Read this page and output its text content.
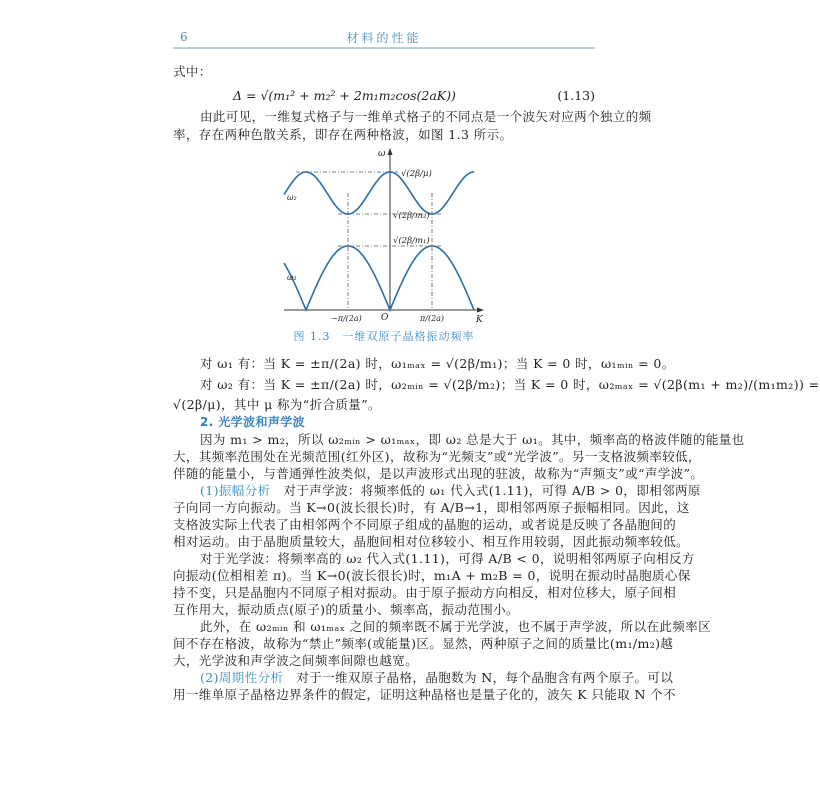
6	材料的性能
式中：
Δ = √(m₁² + m₂² + 2m₁m₂cos(2aK))	(1.13)
由此可见，一维复式格子与一维单式格子的不同点是一个波矢对应两个独立的频
率，存在两种色散关系，即存在两种格波，如图 1.3 所示。
ω
K
O
−π/(2a)	π/(2a)
ω₂
ω₁
√(2β/μ)
√(2β/m₂)
√(2β/m₁)
图 1.3　一维双原子晶格振动频率
对 ω₁ 有：当 K = ±π/(2a) 时，ω₁ₘₐₓ = √(2β/m₁)；当 K = 0 时，ω₁ₘᵢₙ = 0。
对 ω₂ 有：当 K = ±π/(2a) 时，ω₂ₘᵢₙ = √(2β/m₂)；当 K = 0 时，ω₂ₘₐₓ = √(2β(m₁ + m₂)/(m₁m₂)) =
√(2β/μ)，其中 μ 称为“折合质量”。
2. 光学波和声学波
因为 m₁ > m₂，所以 ω₂ₘᵢₙ > ω₁ₘₐₓ，即 ω₂ 总是大于 ω₁。其中，频率高的格波伴随的能量也
大，其频率范围处在光频范围(红外区)，故称为“光频支”或“光学波”。另一支格波频率较低，
伴随的能量小，与普通弹性波类似，是以声波形式出现的驻波，故称为“声频支”或“声学波”。
(1)振幅分析　对于声学波：将频率低的 ω₁ 代入式(1.11)，可得 A/B > 0，即相邻两原
子向同一方向振动。当 K→0(波长很长)时，有 A/B→1，即相邻两原子振幅相同。因此，这
支格波实际上代表了由相邻两个不同原子组成的晶胞的运动，或者说是反映了各晶胞间的
相对运动。由于晶胞质量较大，晶胞间相对位移较小、相互作用较弱，因此振动频率较低。
对于光学波：将频率高的 ω₂ 代入式(1.11)，可得 A/B < 0，说明相邻两原子向相反方
向振动(位相相差 π)。当 K→0(波长很长)时，m₁A + m₂B = 0，说明在振动时晶胞质心保
持不变，只是晶胞内不同原子相对振动。由于原子振动方向相反，相对位移大，原子间相
互作用大，振动质点(原子)的质量小、频率高，振动范围小。
此外，在 ω₂ₘᵢₙ 和 ω₁ₘₐₓ 之间的频率既不属于光学波，也不属于声学波，所以在此频率区
间不存在格波，故称为“禁止”频率(或能量)区。显然，两种原子之间的质量比(m₁/m₂)越
大，光学波和声学波之间频率间隙也越宽。
(2)周期性分析　对于一维双原子晶格，晶胞数为 N，每个晶胞含有两个原子。可以
用一维单原子晶格边界条件的假定，证明这种晶格也是量子化的，波矢 K 只能取 N 个不
